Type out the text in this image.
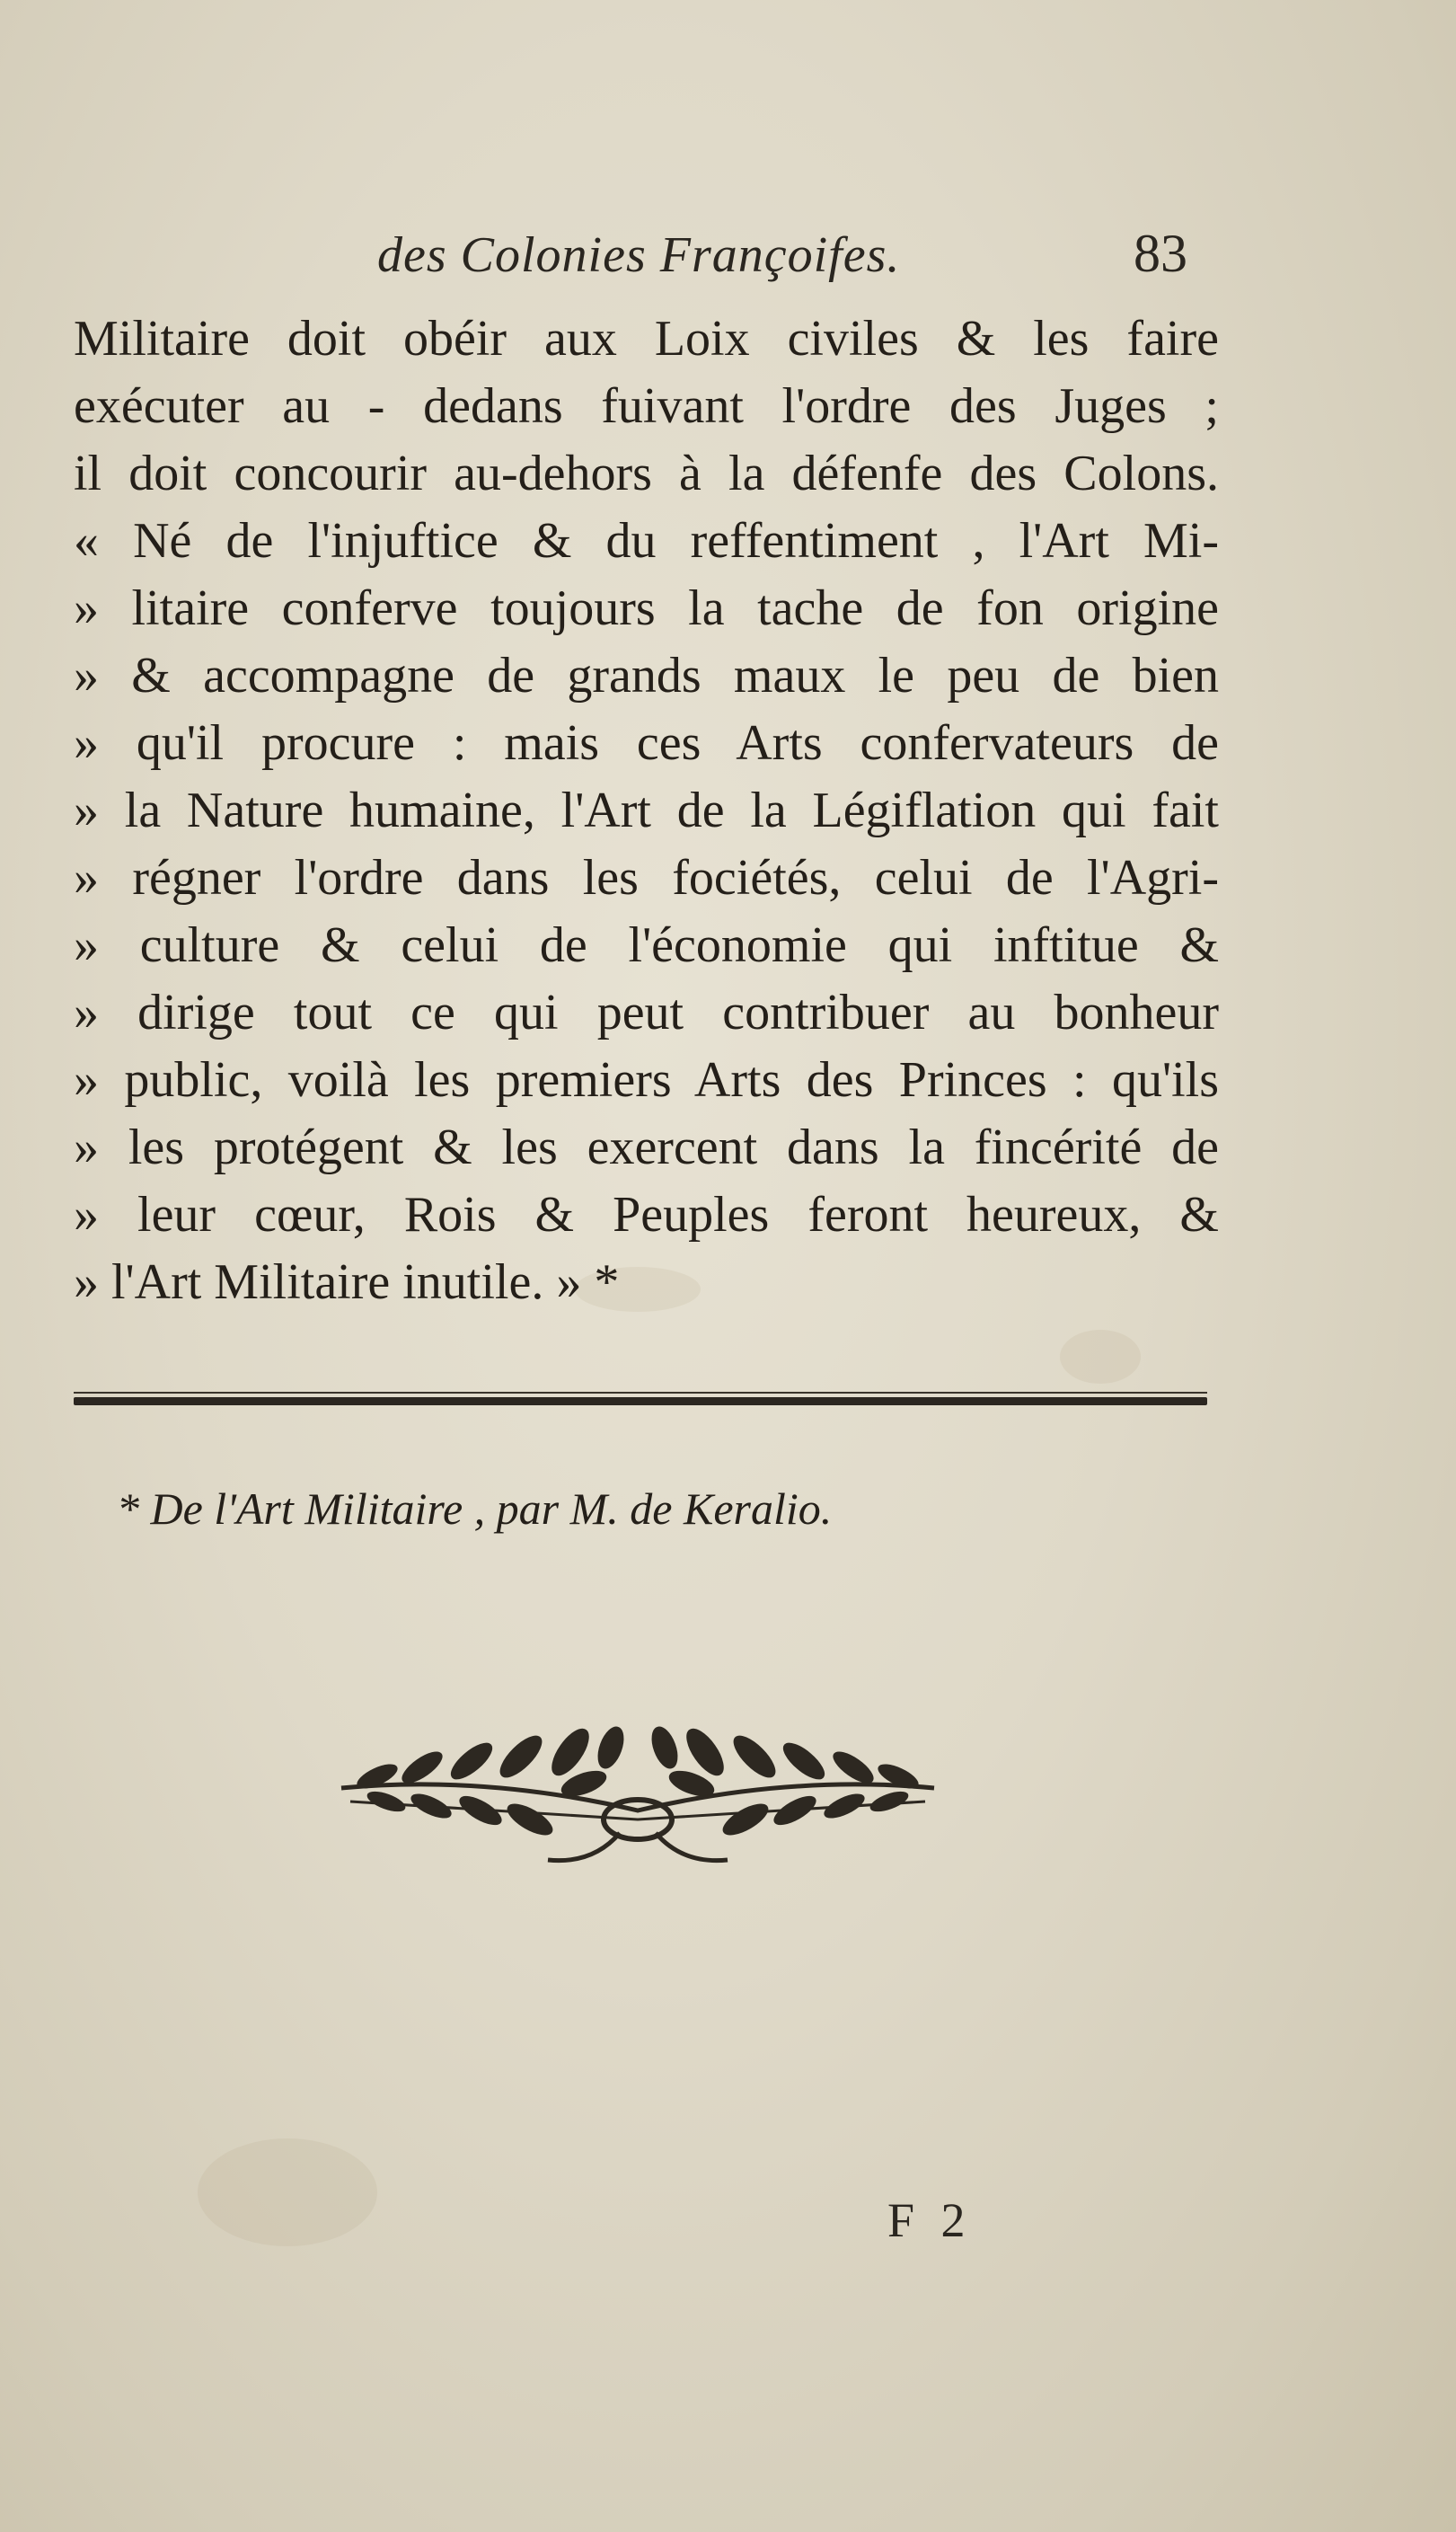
des Colonies Françoifes.	83
Militaire doit obéir aux Loix civiles & les faire
exécuter au - dedans fuivant l'ordre des Juges ;
il doit concourir au-dehors à la défenfe des Colons.
« Né de l'injuftice & du reffentiment , l'Art Mi-
» litaire conferve toujours la tache de fon origine
» & accompagne de grands maux le peu de bien
» qu'il procure : mais ces Arts confervateurs de
» la Nature humaine, l'Art de la Légiflation qui fait
» régner l'ordre dans les fociétés, celui de l'Agri-
» culture & celui de l'économie qui inftitue &
» dirige tout ce qui peut contribuer au bonheur
» public, voilà les premiers Arts des Princes : qu'ils
» les protégent & les exercent dans la fincérité de
» leur cœur, Rois & Peuples feront heureux, &
» l'Art Militaire inutile. » *
* De l'Art Militaire , par M. de Keralio.
F 2
